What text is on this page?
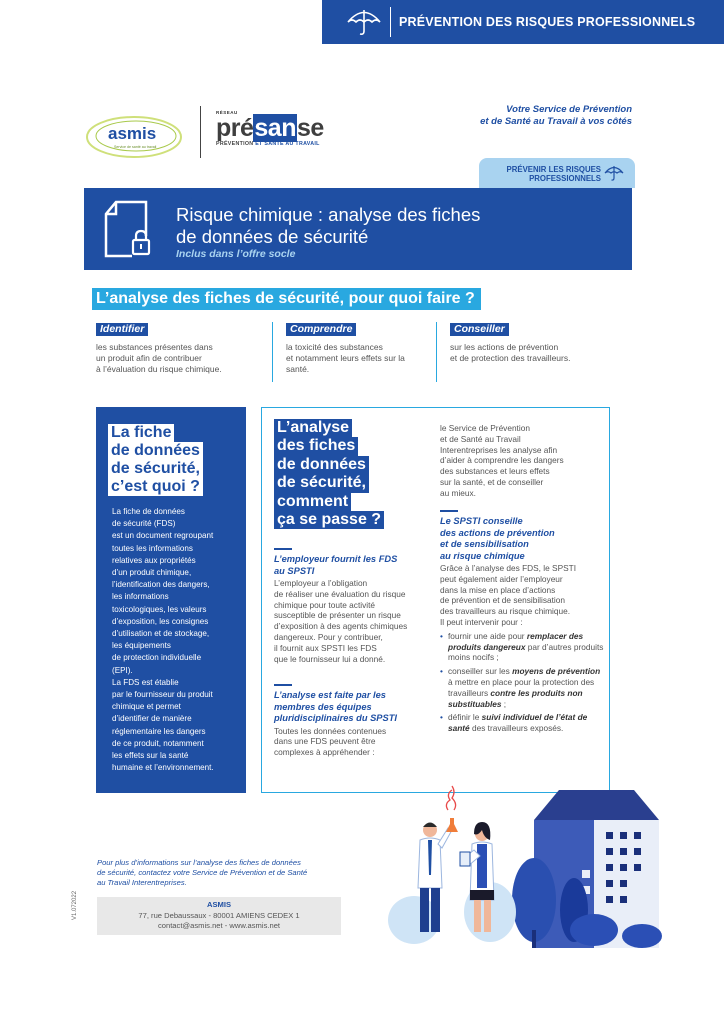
PRÉVENTION DES RISQUES PROFESSIONNELS
asmis
Service de santé au travail
RÉSEAU
présanse
PRÉVENTION ET SANTÉ AU TRAVAIL
Votre Service de Prévention
et de Santé au Travail à vos côtés
PRÉVENIR LES RISQUES
PROFESSIONNELS
Risque chimique : analyse des fiches
de données de sécurité
Inclus dans l’offre socle
L’analyse des fiches de sécurité, pour quoi faire ?
Identifier
les substances présentes dans
un produit afin de contribuer
à l’évaluation du risque chimique.
Comprendre
la toxicité des substances
et notamment leurs effets sur la
santé.
Conseiller
sur les actions de prévention
et de protection des travailleurs.
La fiche
de données
de sécurité,
c’est quoi ?
La fiche de données
de sécurité (FDS)
est un document regroupant
toutes les informations
relatives aux propriétés
d’un produit chimique,
l’identification des dangers,
les informations
toxicologiques, les valeurs
d’exposition, les consignes
d’utilisation et de stockage,
les équipements
de protection individuelle
(EPI).
La FDS est établie
par le fournisseur du produit
chimique et permet
d’identifier de manière
réglementaire les dangers
de ce produit, notamment
les effets sur la santé
humaine et l’environnement.
L’analyse
des fiches
de données
de sécurité,
comment
ça se passe ?
L’employeur fournit les FDS
au SPSTI
L’employeur a l’obligation
de réaliser une évaluation du risque
chimique pour toute activité
susceptible de présenter un risque
d’exposition à des agents chimiques
dangereux. Pour y contribuer,
il fournit aux SPSTI les FDS
que le fournisseur lui a donné.
L’analyse est faite par les
membres des équipes
pluridisciplinaires du SPSTI
Toutes les données contenues
dans une FDS peuvent être
complexes à appréhender :
le Service de Prévention
et de Santé au Travail
Interentreprises les analyse afin
d’aider à comprendre les dangers
des substances et leurs effets
sur la santé, et de conseiller
au mieux.
Le SPSTI conseille
des actions de prévention
et de sensibilisation
au risque chimique
Grâce à l’analyse des FDS, le SPSTI
peut également aider l’employeur
dans la mise en place d’actions
de prévention et de sensibilisation
des travailleurs au risque chimique.
Il peut intervenir pour :
• fournir une aide pour remplacer des produits dangereux par d’autres produits moins nocifs ;
• conseiller sur les moyens de prévention à mettre en place pour la protection des travailleurs contre les produits non substituables ;
• définir le suivi individuel de l’état de santé des travailleurs exposés.
Pour plus d’informations sur l’analyse des fiches de données
de sécurité, contactez votre Service de Prévention et de Santé
au Travail Interentreprises.
ASMIS
77, rue Debaussaux - 80001 AMIENS CEDEX 1
contact@asmis.net - www.asmis.net
V1.072022
